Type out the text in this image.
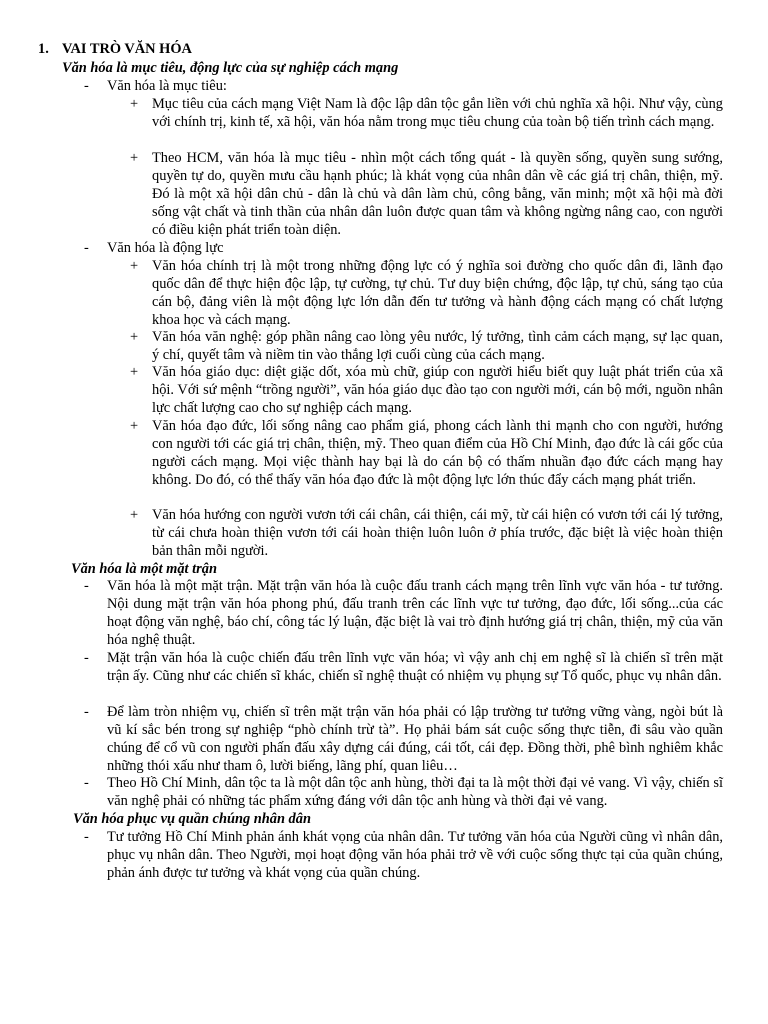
1. VAI TRÒ VĂN HÓA
Văn hóa là mục tiêu, động lực của sự nghiệp cách mạng
- Văn hóa là mục tiêu:
+ Mục tiêu của cách mạng Việt Nam là độc lập dân tộc gắn liền với chủ nghĩa xã hội. Như vậy, cùng với chính trị, kinh tế, xã hội, văn hóa nằm trong mục tiêu chung của toàn bộ tiến trình cách mạng.
+ Theo HCM, văn hóa là mục tiêu - nhìn một cách tổng quát - là quyền sống, quyền sung sướng, quyền tự do, quyền mưu cầu hạnh phúc; là khát vọng của nhân dân về các giá trị chân, thiện, mỹ. Đó là một xã hội dân chủ - dân là chủ và dân làm chủ, công bằng, văn minh; một xã hội mà đời sống vật chất và tinh thần của nhân dân luôn được quan tâm và không ngừng nâng cao, con người có điều kiện phát triển toàn diện.
- Văn hóa là động lực
+ Văn hóa chính trị là một trong những động lực có ý nghĩa soi đường cho quốc dân đi, lãnh đạo quốc dân để thực hiện độc lập, tự cường, tự chủ. Tư duy biện chứng, độc lập, tự chủ, sáng tạo của cán bộ, đảng viên là một động lực lớn dẫn đến tư tưởng và hành động cách mạng có chất lượng khoa học và cách mạng.
+ Văn hóa văn nghệ: góp phần nâng cao lòng yêu nước, lý tưởng, tình cảm cách mạng, sự lạc quan, ý chí, quyết tâm và niềm tin vào thắng lợi cuối cùng của cách mạng.
+ Văn hóa giáo dục: diệt giặc dốt, xóa mù chữ, giúp con người hiểu biết quy luật phát triển của xã hội. Với sứ mệnh “trồng người”, văn hóa giáo dục đào tạo con người mới, cán bộ mới, nguồn nhân lực chất lượng cao cho sự nghiệp cách mạng.
+ Văn hóa đạo đức, lối sống nâng cao phẩm giá, phong cách lành thi mạnh cho con người, hướng con người tới các giá trị chân, thiện, mỹ. Theo quan điểm của Hồ Chí Minh, đạo đức là cái gốc của người cách mạng. Mọi việc thành hay bại là do cán bộ có thấm nhuần đạo đức cách mạng hay không. Do đó, có thể thấy văn hóa đạo đức là một động lực lớn thúc đẩy cách mạng phát triển.
+ Văn hóa hướng con người vươn tới cái chân, cái thiện, cái mỹ, từ cái hiện có vươn tới cái lý tưởng, từ cái chưa hoàn thiện vươn tới cái hoàn thiện luôn luôn ở phía trước, đặc biệt là việc hoàn thiện bản thân mỗi người.
Văn hóa là một mặt trận
- Văn hóa là một mặt trận. Mặt trận văn hóa là cuộc đấu tranh cách mạng trên lĩnh vực văn hóa - tư tưởng. Nội dung mặt trận văn hóa phong phú, đấu tranh trên các lĩnh vực tư tưởng, đạo đức, lối sống...của các hoạt động văn nghệ, báo chí, công tác lý luận, đặc biệt là vai trò định hướng giá trị chân, thiện, mỹ của văn hóa nghệ thuật.
- Mặt trận văn hóa là cuộc chiến đấu trên lĩnh vực văn hóa; vì vậy anh chị em nghệ sĩ là chiến sĩ trên mặt trận ấy. Cũng như các chiến sĩ khác, chiến sĩ nghệ thuật có nhiệm vụ phụng sự Tổ quốc, phục vụ nhân dân.
- Để làm tròn nhiệm vụ, chiến sĩ trên mặt trận văn hóa phải có lập trường tư tưởng vững vàng, ngòi bút là vũ kí sắc bén trong sự nghiệp “phò chính trừ tà”. Họ phải bám sát cuộc sống thực tiễn, đi sâu vào quần chúng để cổ vũ con người phấn đấu xây dựng cái đúng, cái tốt, cái đẹp. Đồng thời, phê bình nghiêm khắc những thói xấu như tham ô, lười biếng, lãng phí, quan liêu…
- Theo Hồ Chí Minh, dân tộc ta là một dân tộc anh hùng, thời đại ta là một thời đại vẻ vang. Vì vậy, chiến sĩ văn nghệ phải có những tác phẩm xứng đáng với dân tộc anh hùng và thời đại vẻ vang.
Văn hóa phục vụ quần chúng nhân dân
- Tư tưởng Hồ Chí Minh phản ánh khát vọng của nhân dân. Tư tưởng văn hóa của Người cũng vì nhân dân, phục vụ nhân dân. Theo Người, mọi hoạt động văn hóa phải trở về với cuộc sống thực tại của quần chúng, phản ánh được tư tưởng và khát vọng của quần chúng.
